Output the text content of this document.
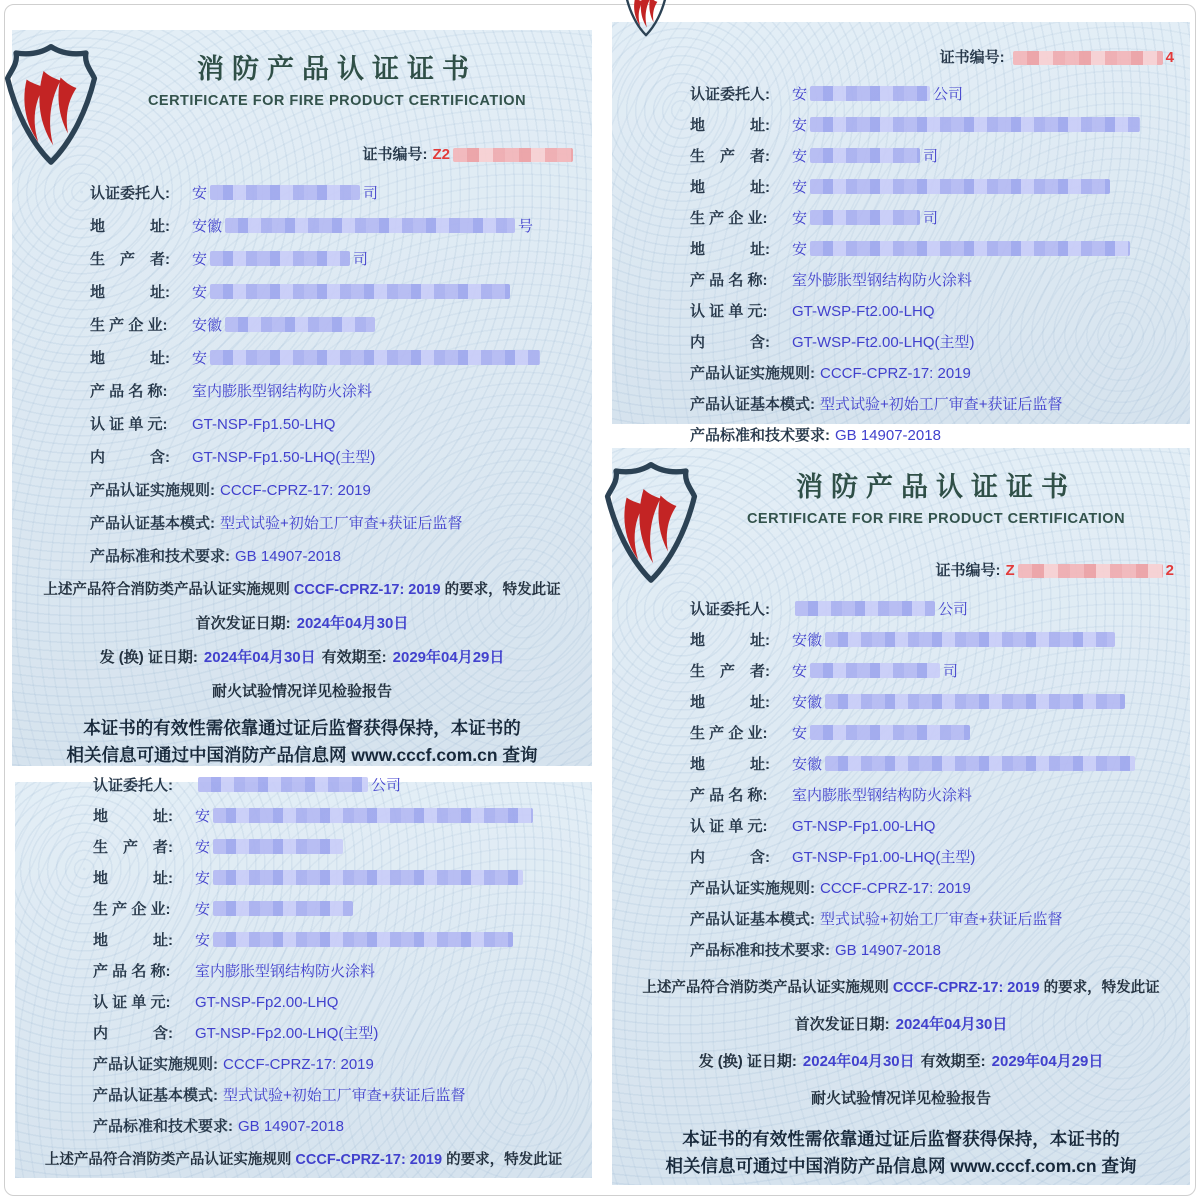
消防产品认证证书
CERTIFICATE FOR FIRE PRODUCT CERTIFICATION
证书编号: Z2
认证委托人: 安	司
地　　　址: 安徽	号
生　产　者: 安	司
地　　　址: 安
生 产 企 业: 安徽
地　　　址: 安
产 品 名 称: 室内膨胀型钢结构防火涂料
认 证 单 元: GT-NSP-Fp1.50-LHQ
内　　　含: GT-NSP-Fp1.50-LHQ(主型)
产品认证实施规则: CCCF-CPRZ-17: 2019
产品认证基本模式: 型式试验+初始工厂审查+获证后监督
产品标准和技术要求: GB 14907-2018
上述产品符合消防类产品认证实施规则 CCCF-CPRZ-17: 2019 的要求，特发此证
首次发证日期: 2024年04月30日
发 (换) 证日期: 2024年04月30日 有效期至: 2029年04月29日
耐火试验情况详见检验报告
本证书的有效性需依靠通过证后监督获得保持，本证书的
相关信息可通过中国消防产品信息网 www.cccf.com.cn 查询
证书编号:	4
认证委托人: 安	公司
地　　　址: 安
生　产　者: 安	司
地　　　址: 安
生 产 企 业: 安	司
地　　　址: 安
产 品 名 称: 室外膨胀型钢结构防火涂料
认 证 单 元: GT-WSP-Ft2.00-LHQ
内　　　含: GT-WSP-Ft2.00-LHQ(主型)
产品认证实施规则: CCCF-CPRZ-17: 2019
产品认证基本模式: 型式试验+初始工厂审查+获证后监督
产品标准和技术要求: GB 14907-2018
认证委托人:	公司
地　　　址: 安
生　产　者: 安
地　　　址: 安
生 产 企 业: 安
地　　　址: 安
产 品 名 称: 室内膨胀型钢结构防火涂料
认 证 单 元: GT-NSP-Fp2.00-LHQ
内　　　含: GT-NSP-Fp2.00-LHQ(主型)
产品认证实施规则: CCCF-CPRZ-17: 2019
产品认证基本模式: 型式试验+初始工厂审查+获证后监督
产品标准和技术要求: GB 14907-2018
上述产品符合消防类产品认证实施规则 CCCF-CPRZ-17: 2019 的要求，特发此证
消防产品认证证书
CERTIFICATE FOR FIRE PRODUCT CERTIFICATION
证书编号: Z	2
认证委托人:	公司
地　　　址: 安徽
生　产　者: 安	司
地　　　址: 安徽
生 产 企 业: 安
地　　　址: 安徽
产 品 名 称: 室内膨胀型钢结构防火涂料
认 证 单 元: GT-NSP-Fp1.00-LHQ
内　　　含: GT-NSP-Fp1.00-LHQ(主型)
产品认证实施规则: CCCF-CPRZ-17: 2019
产品认证基本模式: 型式试验+初始工厂审查+获证后监督
产品标准和技术要求: GB 14907-2018
上述产品符合消防类产品认证实施规则 CCCF-CPRZ-17: 2019 的要求，特发此证
首次发证日期: 2024年04月30日
发 (换) 证日期: 2024年04月30日 有效期至: 2029年04月29日
耐火试验情况详见检验报告
本证书的有效性需依靠通过证后监督获得保持，本证书的
相关信息可通过中国消防产品信息网 www.cccf.com.cn 查询
